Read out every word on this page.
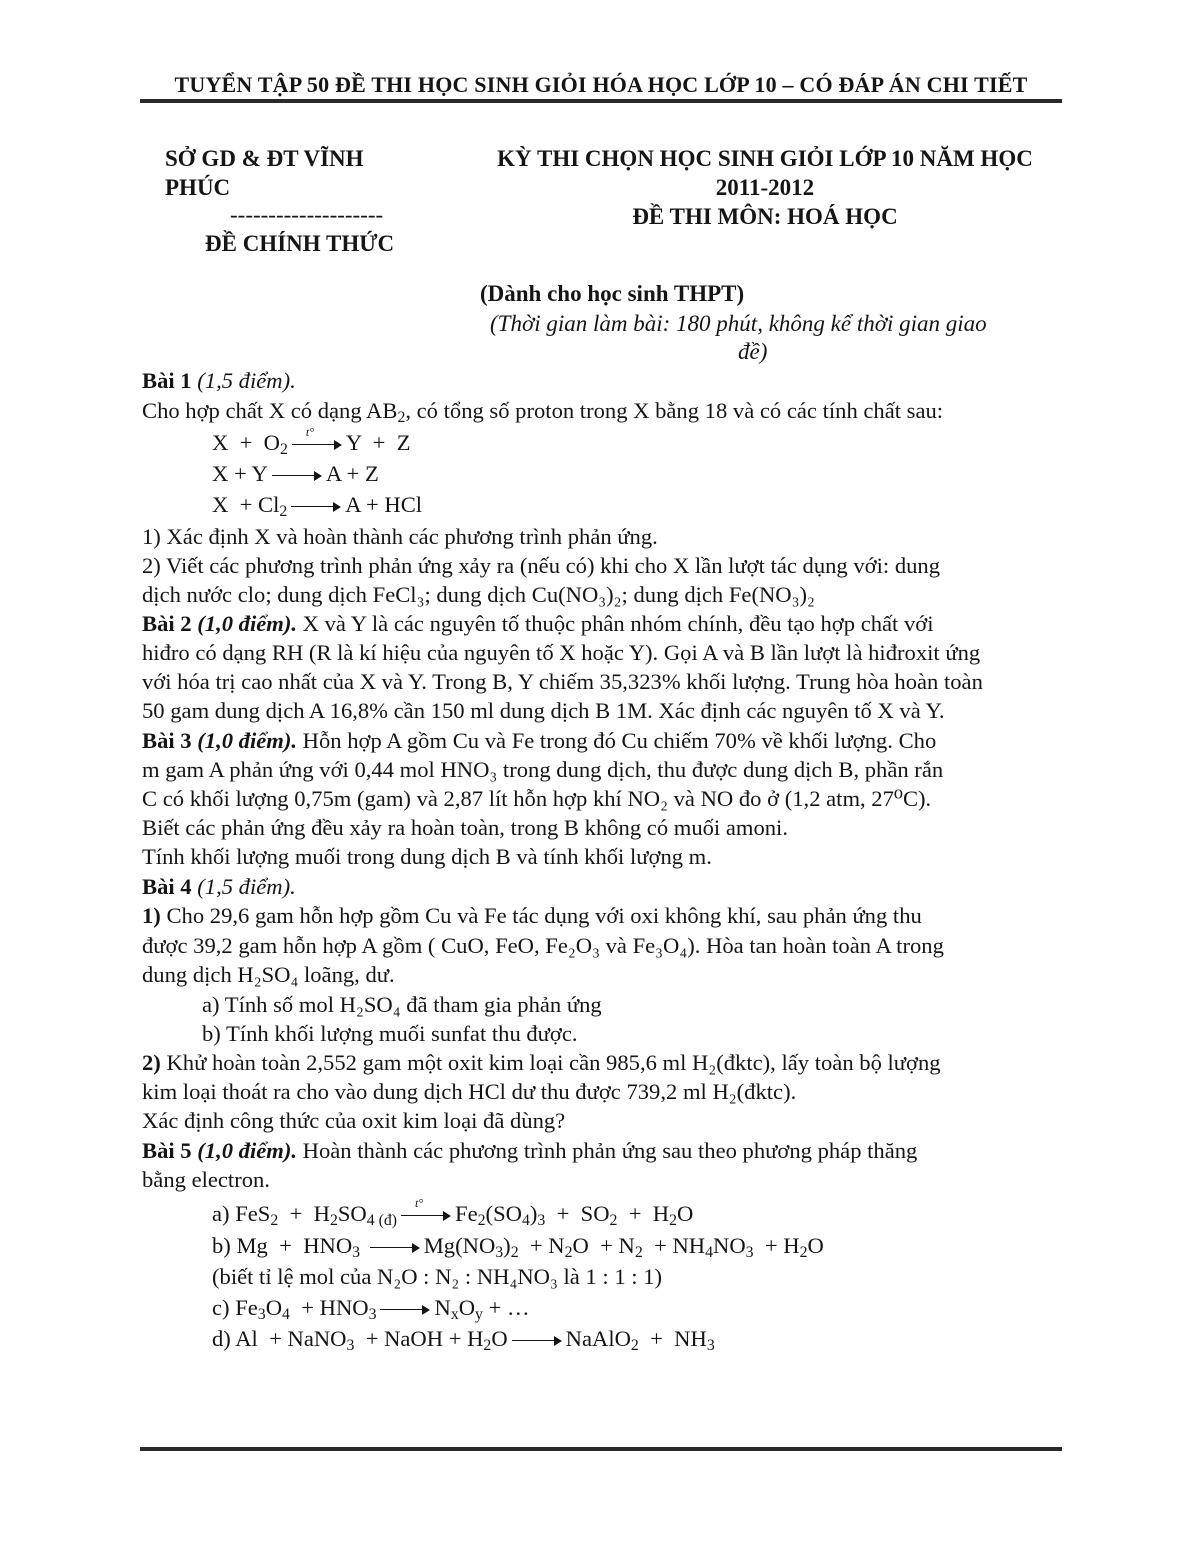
TUYỂN TẬP 50 ĐỀ THI HỌC SINH GIỎI HÓA HỌC LỚP 10 – CÓ ĐÁP ÁN CHI TIẾT
SỞ GD & ĐT VĨNH
PHÚC
--------------------
ĐỀ CHÍNH THỨC
KỲ THI CHỌN HỌC SINH GIỎI LỚP 10 NĂM HỌC
2011-2012
ĐỀ THI MÔN: HOÁ HỌC
(Dành cho học sinh THPT)
(Thời gian làm bài: 180 phút, không kể thời gian giao
đề)
Bài 1 (1,5 điểm).
Cho hợp chất X có dạng $AB_2$, có tổng số proton trong X bằng 18 và có các tính chất sau:
$X + O_2$
t° Y  +  Z
X + Y	A + Z
$X + Cl_2$	A + HCl
1) Xác định X và hoàn thành các phương trình phản ứng.
2) Viết các phương trình phản ứng xảy ra (nếu có) khi cho X lần lượt tác dụng với: dung
dịch nước clo; dung dịch FeCl₃; dung dịch Cu(NO₃)₂; dung dịch Fe(NO₃)₂
Bài 2 (1,0 điểm). X và Y là các nguyên tố thuộc phân nhóm chính, đều tạo hợp chất với
hiđro có dạng RH (R là kí hiệu của nguyên tố X hoặc Y). Gọi A và B lần lượt là hiđroxit ứng
với hóa trị cao nhất của X và Y. Trong B, Y chiếm 35,323% khối lượng. Trung hòa hoàn toàn
50 gam dung dịch A 16,8% cần 150 ml dung dịch B 1M. Xác định các nguyên tố X và Y.
Bài 3 (1,0 điểm). Hỗn hợp A gồm Cu và Fe trong đó Cu chiếm 70% về khối lượng. Cho
m gam A phản ứng với 0,44 mol HNO₃ trong dung dịch, thu được dung dịch B, phần rắn
C có khối lượng 0,75m (gam) và 2,87 lít hỗn hợp khí NO₂ và NO đo ở (1,2 atm, 27⁰C).
Biết các phản ứng đều xảy ra hoàn toàn, trong B không có muối amoni.
Tính khối lượng muối trong dung dịch B và tính khối lượng m.
Bài 4 (1,5 điểm).
1) Cho 29,6 gam hỗn hợp gồm Cu và Fe tác dụng với oxi không khí, sau phản ứng thu
được 39,2 gam hỗn hợp A gồm ( CuO, FeO, Fe₂O₃ và Fe₃O₄). Hòa tan hoàn toàn A trong
dung dịch H₂SO₄ loãng, dư.
a) Tính số mol H₂SO₄ đã tham gia phản ứng
b) Tính khối lượng muối sunfat thu được.
2) Khử hoàn toàn 2,552 gam một oxit kim loại cần 985,6 ml H₂(đktc), lấy toàn bộ lượng
kim loại thoát ra cho vào dung dịch HCl dư thu được 739,2 ml H₂(đktc).
Xác định công thức của oxit kim loại đã dùng?
Bài 5 (1,0 điểm). Hoàn thành các phương trình phản ứng sau theo phương pháp thăng
bằng electron.
a) $FeS_2 + H_2SO_{4 (đ)}$
t° $Fe_2(SO_4)_3 + SO_2 + H_2O$
b) $Mg + HNO_3$	$Mg(NO_3)_2 + N_2O + N_2 + NH_4NO_3 + H_2O$
(biết tỉ lệ mol của N₂O : N₂ : NH₄NO₃ là 1 : 1 : 1)
c) $Fe_3O_4 + HNO_3$	$N_xO_y$ + …
d) Al  + NaNO$_3$  + NaOH + $H_2O$	NaAlO$_2$  +  $NH_3$
